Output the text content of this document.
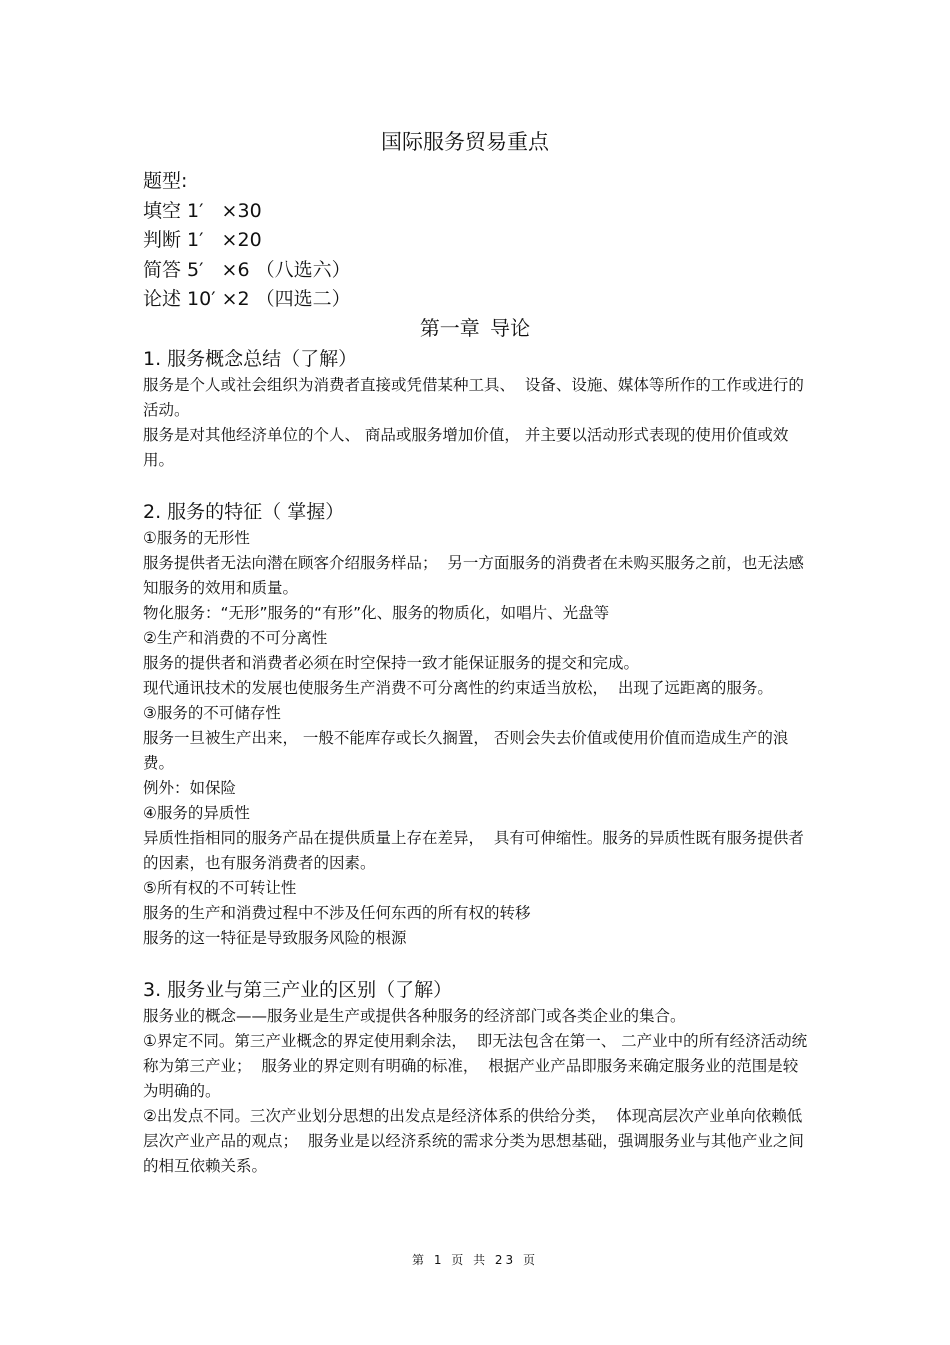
国际服务贸易重点
题型:
填空 1′   ×30
判断 1′   ×20
简答 5′   ×6 （八选六）
论述 10′ ×2 （四选二）
第一章 导论
1. 服务概念总结（了解）
服务是个人或社会组织为消费者直接或凭借某种工具、  设备、设施、媒体等所作的工作或进行的活动。
服务是对其他经济单位的个人、 商品或服务增加价值， 并主要以活动形式表现的使用价值或效用。
2. 服务的特征（ 掌握）
①服务的无形性
服务提供者无法向潜在顾客介绍服务样品；  另一方面服务的消费者在未购买服务之前，也无法感知服务的效用和质量。
物化服务：“无形”服务的“有形”化、服务的物质化，如唱片、光盘等
②生产和消费的不可分离性
服务的提供者和消费者必须在时空保持一致才能保证服务的提交和完成。
现代通讯技术的发展也使服务生产消费不可分离性的约束适当放松，  出现了远距离的服务。
③服务的不可储存性
服务一旦被生产出来， 一般不能库存或长久搁置， 否则会失去价值或使用价值而造成生产的浪费。
例外：如保险
④服务的异质性
异质性指相同的服务产品在提供质量上存在差异，  具有可伸缩性。服务的异质性既有服务提供者的因素，也有服务消费者的因素。
⑤所有权的不可转让性
服务的生产和消费过程中不涉及任何东西的所有权的转移
服务的这一特征是导致服务风险的根源
3. 服务业与第三产业的区别（了解）
服务业的概念——服务业是生产或提供各种服务的经济部门或各类企业的集合。
①界定不同。第三产业概念的界定使用剩余法，  即无法包含在第一、 二产业中的所有经济活动统称为第三产业；  服务业的界定则有明确的标准，  根据产业产品即服务来确定服务业的范围是较为明确的。
②出发点不同。三次产业划分思想的出发点是经济体系的供给分类，  体现高层次产业单向依赖低层次产业产品的观点；  服务业是以经济系统的需求分类为思想基础，强调服务业与其他产业之间的相互依赖关系。
第 1 页 共 23 页
